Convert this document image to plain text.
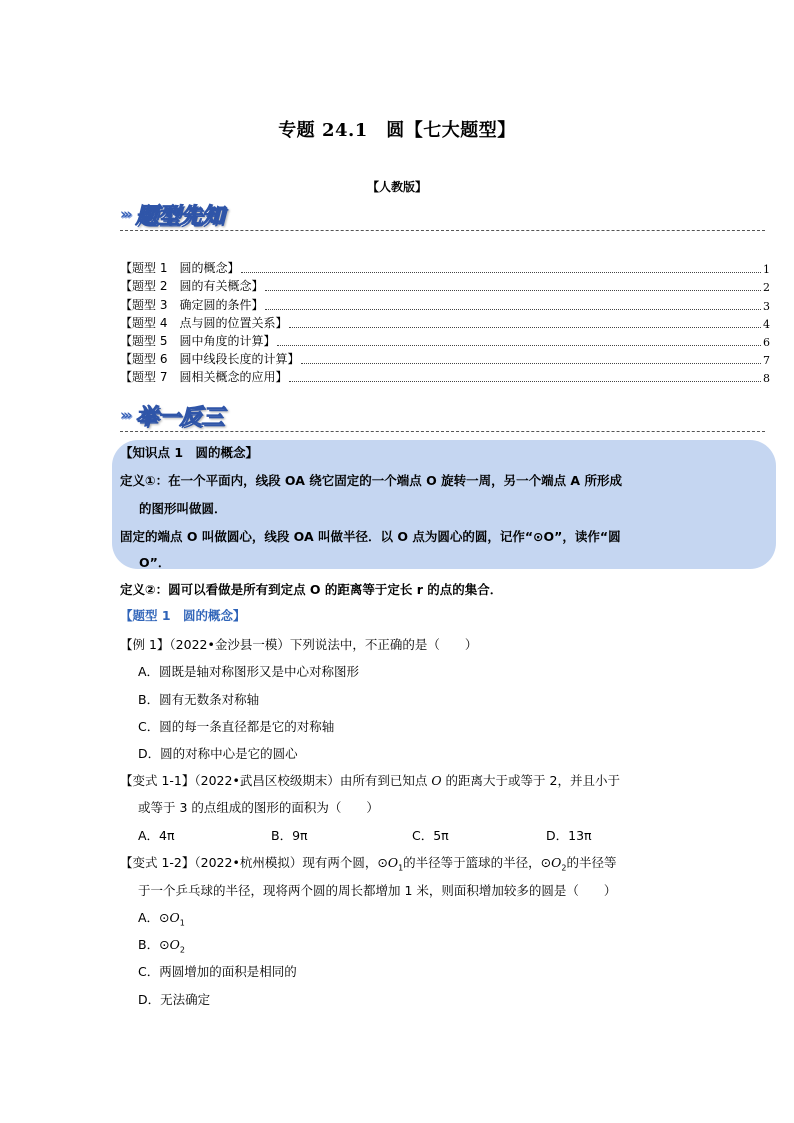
专题 24.1　圆【七大题型】
【人教版】
››› 题型先知
【题型 1　圆的概念】	1
【题型 2　圆的有关概念】	2
【题型 3　确定圆的条件】	3
【题型 4　点与圆的位置关系】	4
【题型 5　圆中角度的计算】	6
【题型 6　圆中线段长度的计算】	7
【题型 7　圆相关概念的应用】	8
››› 举一反三
【知识点 1　圆的概念】
定义①：在一个平面内，线段 OA 绕它固定的一个端点 O 旋转一周，另一个端点 A 所形成
的图形叫做圆．
固定的端点 O 叫做圆心，线段 OA 叫做半径．以 O 点为圆心的圆，记作“⊙O”，读作“圆
O”．
定义②：圆可以看做是所有到定点 O 的距离等于定长 r 的点的集合．
【题型 1　圆的概念】
【例 1】（2022•金沙县一模）下列说法中，不正确的是（　　）
A．圆既是轴对称图形又是中心对称图形
B．圆有无数条对称轴
C．圆的每一条直径都是它的对称轴
D．圆的对称中心是它的圆心
【变式 1-1】（2022•武昌区校级期末）由所有到已知点 O 的距离大于或等于 2，并且小于
或等于 3 的点组成的图形的面积为（　　）
A．4π	B．9π	C．5π	D．13π
【变式 1-2】（2022•杭州模拟）现有两个圆，$⊙O_1$的半径等于篮球的半径，$⊙O_2$的半径等
于一个乒乓球的半径，现将两个圆的周长都增加 1 米，则面积增加较多的圆是（　　）
A．$⊙O_1$
B．$⊙O_2$
C．两圆增加的面积是相同的
D．无法确定
